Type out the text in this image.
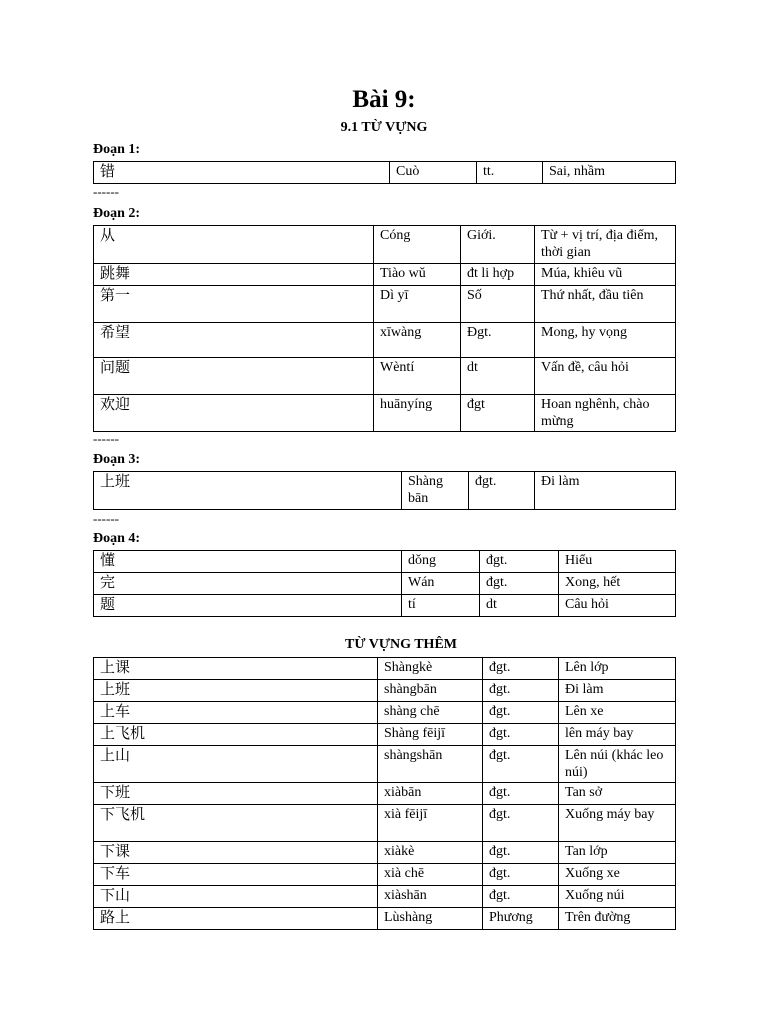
Bài 9:
9.1 TỪ VỰNG
Đoạn 1:
错	Cuò	tt.	Sai, nhầm
------
Đoạn 2:
从	Cóng	Giới.	Từ + vị trí, địa điểm, thời gian
跳舞	Tiào wǔ	đt li hợp	Múa, khiêu vũ
第一	Dì yī	Số	Thứ nhất, đầu tiên
希望	xīwàng	Đgt.	Mong, hy vọng
问题	Wèntí	dt	Vấn đề, câu hỏi
欢迎	huānyíng	đgt	Hoan nghênh, chào mừng
------
Đoạn 3:
上班	Shàng bān	đgt.	Đi làm
------
Đoạn 4:
懂	dǒng	đgt.	Hiểu
完	Wán	đgt.	Xong, hết
题	tí	dt	Câu hỏi
TỪ VỰNG THÊM
上课	Shàngkè	đgt.	Lên lớp
上班	shàngbān	đgt.	Đi làm
上车	shàng chē	đgt.	Lên xe
上飞机	Shàng fēijī	đgt.	lên máy bay
上山	shàngshān	đgt.	Lên núi (khác leo núi)
下班	xiàbān	đgt.	Tan sở
下飞机	xià fēijī	đgt.	Xuống máy bay
下课	xiàkè	đgt.	Tan lớp
下车	xià chē	đgt.	Xuống xe
下山	xiàshān	đgt.	Xuống núi
路上	Lùshàng	Phương	Trên đường
